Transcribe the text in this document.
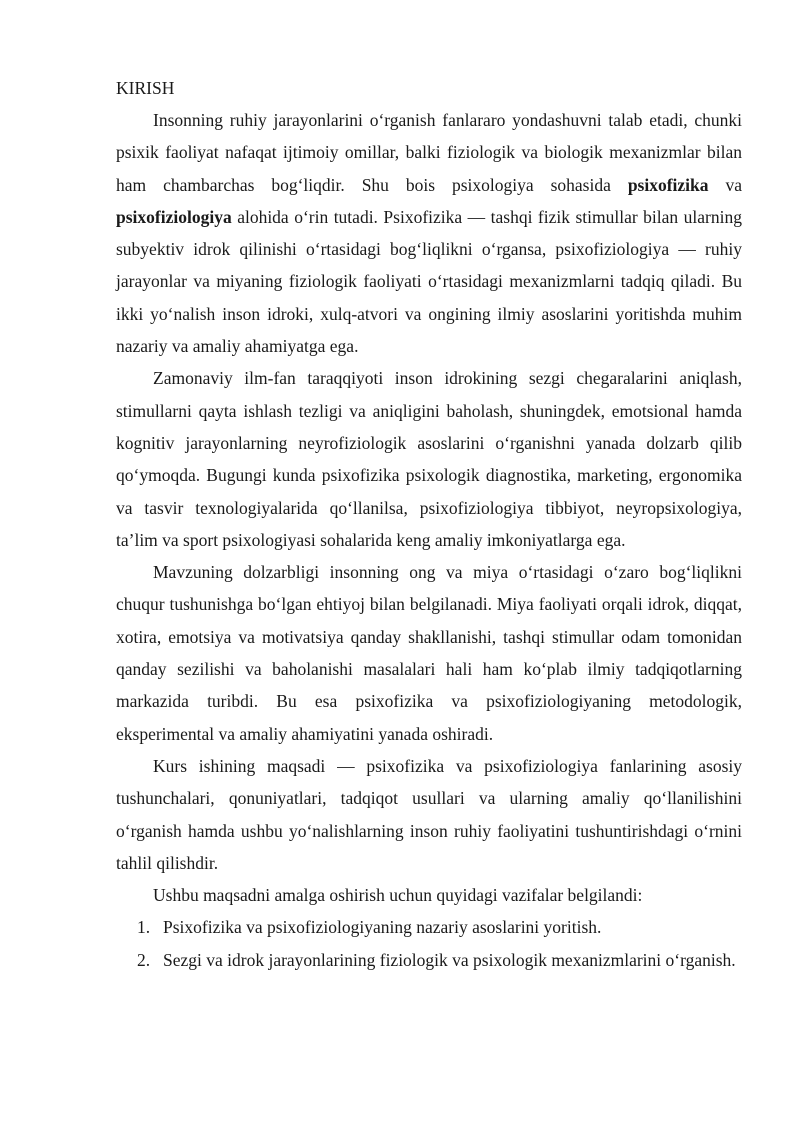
KIRISH

Insonning ruhiy jarayonlarini o‘rganish fanlararo yondashuvni talab etadi, chunki psixik faoliyat nafaqat ijtimoiy omillar, balki fiziologik va biologik mexanizmlar bilan ham chambarchas bog‘liqdir. Shu bois psixologiya sohasida psixofizika va psixofiziologiya alohida o‘rin tutadi. Psixofizika — tashqi fizik stimullar bilan ularning subyektiv idrok qilinishi o‘rtasidagi bog‘liqlikni o‘rgansa, psixofiziologiya — ruhiy jarayonlar va miyaning fiziologik faoliyati o‘rtasidagi mexanizmlarni tadqiq qiladi. Bu ikki yo‘nalish inson idroki, xulq-atvori va ongining ilmiy asoslarini yoritishda muhim nazariy va amaliy ahamiyatga ega.

Zamonaviy ilm-fan taraqqiyoti inson idrokining sezgi chegaralarini aniqlash, stimullarni qayta ishlash tezligi va aniqligini baholash, shuningdek, emotsional hamda kognitiv jarayonlarning neyrofiziologik asoslarini o‘rganishni yanada dolzarb qilib qo‘ymoqda. Bugungi kunda psixofizika psixologik diagnostika, marketing, ergonomika va tasvir texnologiyalarida qo‘llanilsa, psixofiziologiya tibbiyot, neyropsixologiya, ta’lim va sport psixologiyasi sohalarida keng amaliy imkoniyatlarga ega.

Mavzuning dolzarbligi insonning ong va miya o‘rtasidagi o‘zaro bog‘liqlikni chuqur tushunishga bo‘lgan ehtiyoj bilan belgilanadi. Miya faoliyati orqali idrok, diqqat, xotira, emotsiya va motivatsiya qanday shakllanishi, tashqi stimullar odam tomonidan qanday sezilishi va baholanishi masalalari hali ham ko‘plab ilmiy tadqiqotlarning markazida turibdi. Bu esa psixofizika va psixofiziologiyaning metodologik, eksperimental va amaliy ahamiyatini yanada oshiradi.

Kurs ishining maqsadi — psixofizika va psixofiziologiya fanlarining asosiy tushunchalari, qonuniyatlari, tadqiqot usullari va ularning amaliy qo‘llanilishini o‘rganish hamda ushbu yo‘nalishlarning inson ruhiy faoliyatini tushuntirishdagi o‘rnini tahlil qilishdir.

Ushbu maqsadni amalga oshirish uchun quyidagi vazifalar belgilandi:

1. Psixofizika va psixofiziologiyaning nazariy asoslarini yoritish.
2. Sezgi va idrok jarayonlarining fiziologik va psixologik mexanizmlarini o‘rganish.
